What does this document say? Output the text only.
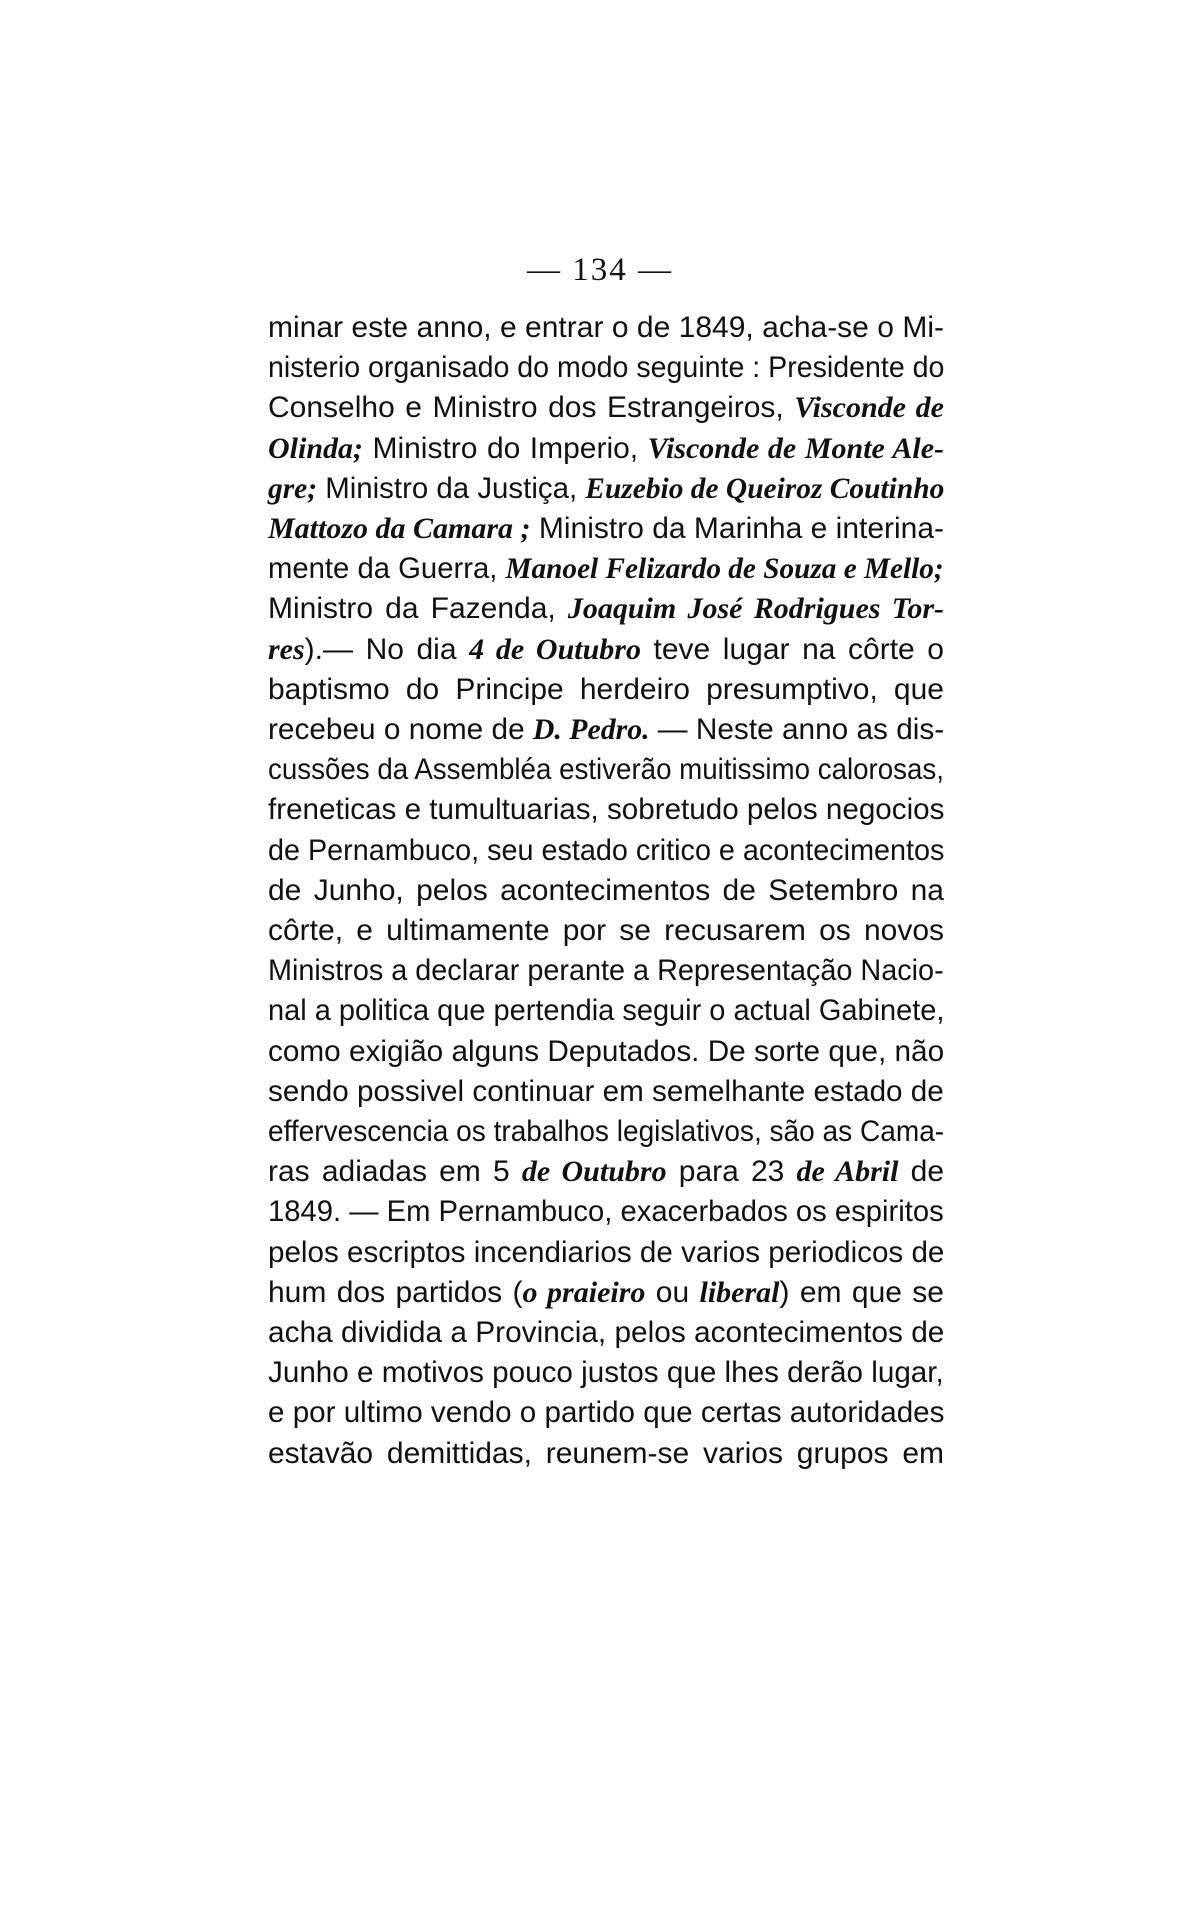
— 134 —
minar este anno, e entrar o de 1849, acha-se o Mi-
nisterio organisado do modo seguinte : Presidente do
Conselho e Ministro dos Estrangeiros, Visconde de
Olinda; Ministro do Imperio, Visconde de Monte Ale-
gre; Ministro da Justiça, Euzebio de Queiroz Coutinho
Mattozo da Camara ; Ministro da Marinha e interina-
mente da Guerra, Manoel Felizardo de Souza e Mello;
Ministro da Fazenda, Joaquim José Rodrigues Tor-
res).— No dia 4 de Outubro teve lugar na côrte o
baptismo do Principe herdeiro presumptivo, que
recebeu o nome de D. Pedro. — Neste anno as dis-cussões da Assembléa estiverão muitissimo calorosas,freneticas e tumultuarias, sobretudo pelos negociosde Pernambuco, seu estado critico e acontecimentos
de Junho, pelos acontecimentos de Setembro na
côrte, e ultimamente por se recusarem os novos
Ministros a declarar perante a Representação Nacio-nal a politica que pertendia seguir o actual Gabinete,como exigião alguns Deputados. De sorte que, nãosendo possivel continuar em semelhante estado deeffervescencia os trabalhos legislativos, são as Cama-
ras adiadas em 5 de Outubro para 23 de Abril de
1849. — Em Pernambuco, exacerbados os espiritospelos escriptos incendiarios de varios periodicos de
hum dos partidos (o praieiro ou liberal) em que se
acha dividida a Provincia, pelos acontecimentos deJunho e motivos pouco justos que lhes derão lugar,e por ultimo vendo o partido que certas autoridades
estavão demittidas, reunem-se varios grupos em
